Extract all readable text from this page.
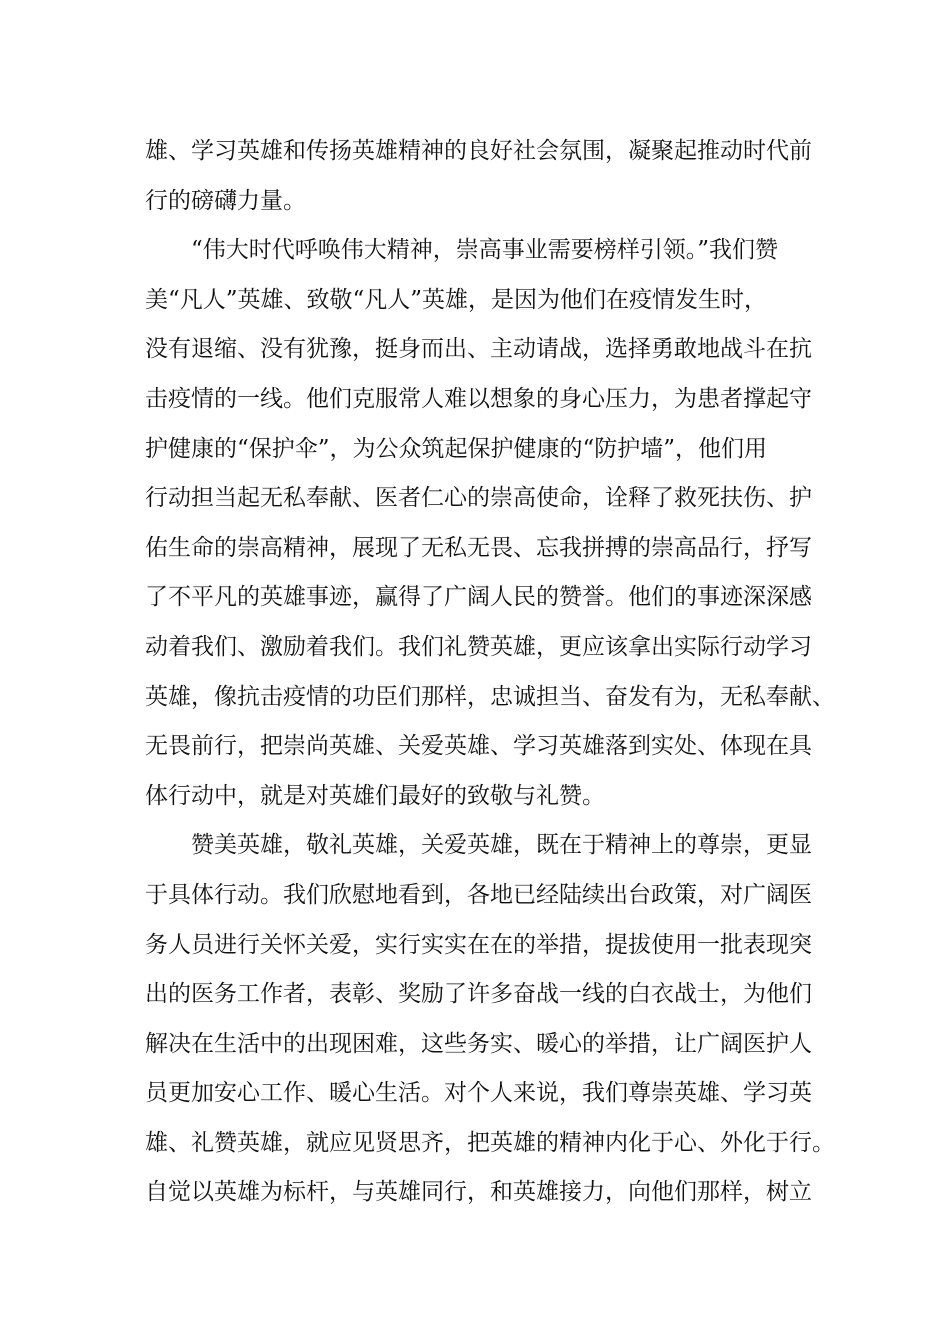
雄、学习英雄和传扬英雄精神的良好社会氛围，凝聚起推动时代前
行的磅礴力量。
“伟大时代呼唤伟大精神，崇高事业需要榜样引领。”我们赞
美“凡人”英雄、致敬“凡人”英雄，是因为他们在疫情发生时，
没有退缩、没有犹豫，挺身而出、主动请战，选择勇敢地战斗在抗
击疫情的一线。他们克服常人难以想象的身心压力，为患者撑起守
护健康的“保护伞”，为公众筑起保护健康的“防护墙”，他们用
行动担当起无私奉献、医者仁心的崇高使命，诠释了救死扶伤、护
佑生命的崇高精神，展现了无私无畏、忘我拼搏的崇高品行，抒写
了不平凡的英雄事迹，赢得了广阔人民的赞誉。他们的事迹深深感
动着我们、激励着我们。我们礼赞英雄，更应该拿出实际行动学习
英雄，像抗击疫情的功臣们那样，忠诚担当、奋发有为，无私奉献、
无畏前行，把崇尚英雄、关爱英雄、学习英雄落到实处、体现在具
体行动中，就是对英雄们最好的致敬与礼赞。
赞美英雄，敬礼英雄，关爱英雄，既在于精神上的尊崇，更显
于具体行动。我们欣慰地看到，各地已经陆续出台政策，对广阔医
务人员进行关怀关爱，实行实实在在的举措，提拔使用一批表现突
出的医务工作者，表彰、奖励了许多奋战一线的白衣战士，为他们
解决在生活中的出现困难，这些务实、暖心的举措，让广阔医护人
员更加安心工作、暖心生活。对个人来说，我们尊崇英雄、学习英
雄、礼赞英雄，就应见贤思齐，把英雄的精神内化于心、外化于行。
自觉以英雄为标杆，与英雄同行，和英雄接力，向他们那样，树立
